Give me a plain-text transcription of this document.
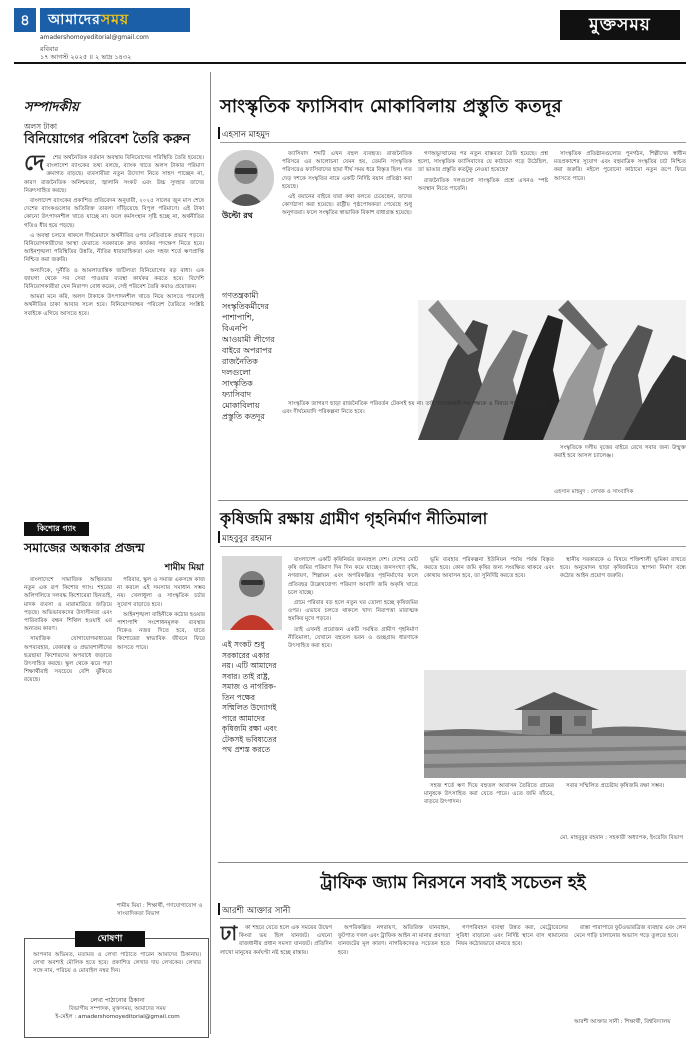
৪	আমাদেরসময়
amadershomoyeditorial@gmail.com
রবিবার
১৭ আগস্ট ২০২৫ ॥ ২ ভাদ্র ১৪৩২
মুক্তসময়
সম্পাদকীয়
অলস টাকা
বিনিয়োগের পরিবেশ তৈরি করুন
দে	শের অর্থনৈতিক বর্তমান অবস্থায় বিনিয়োগের পরিস্থিতি তৈরি হয়েছে। বাংলাদেশ ব্যাংকের তথ্য বলছে, ব্যাংক খাতে অলস টাকার পরিমাণ ক্রমাগত বাড়ছে। ব্যবসায়ীরা নতুন উদ্যোগ নিতে সাহস পাচ্ছেন না, কারণ রাজনৈতিক অনিশ্চয়তা, জ্বালানি সংকট এবং উচ্চ সুদহার তাদের নিরুৎসাহিত করছে।

বাংলাদেশ ব্যাংকের প্রকাশিত প্রতিবেদন অনুযায়ী, ২০২৫ সালের জুন মাস শেষে দেশের ব্যাংকগুলোর অতিরিক্ত তারল্য দাঁড়িয়েছে বিপুল পরিমাণে। এই টাকা কোনো উৎপাদনশীল খাতে যাচ্ছে না। ফলে কর্মসংস্থান সৃষ্টি হচ্ছে না, অর্থনীতির গতিও ধীর হয়ে পড়ছে।

এ অবস্থা চলতে থাকলে দীর্ঘমেয়াদে অর্থনীতির ওপর নেতিবাচক প্রভাব পড়বে। বিনিয়োগকারীদের আস্থা ফেরাতে সরকারকে দ্রুত কার্যকর পদক্ষেপ নিতে হবে। আইনশৃঙ্খলা পরিস্থিতির উন্নতি, নীতির ধারাবাহিকতা এবং সহজ শর্তে ঋণপ্রাপ্তি নিশ্চিত করা জরুরি।

অন্যদিকে, দুর্নীতি ও আমলাতান্ত্রিক জটিলতা বিনিয়োগের বড় বাধা। এক জায়গা থেকে সব সেবা পাওয়ার ব্যবস্থা কার্যকর করতে হবে। বিদেশি বিনিয়োগকারীরা যেন নিরাপদ বোধ করেন, সেই পরিবেশ তৈরি করাও প্রয়োজন।

আমরা মনে করি, অলস টাকাকে উৎপাদনশীল খাতে নিয়ে আসতে পারলেই অর্থনীতির চাকা আবার সচল হবে। বিনিয়োগবান্ধব পরিবেশ তৈরিতে সংশ্লিষ্ট সবাইকে এগিয়ে আসতে হবে।

কিশোর গ্যাং
সমাজের অন্ধকার প্রজন্ম
শামীম মিয়া

বাংলাদেশে সামাজিক অস্থিরতার নতুন এক রূপ কিশোর গ্যাং। শহরের অলিগলিতে দলবদ্ধ কিশোরেরা ছিনতাই, মাদক ব্যবসা ও মারামারিতে জড়িয়ে পড়ছে। অভিভাবকদের উদাসীনতা এবং পারিবারিক বন্ধন শিথিল হওয়াই এর অন্যতম কারণ।

সামাজিক যোগাযোগমাধ্যমের অপব্যবহার, বেকারত্ব ও প্রভাবশালীদের ছত্রছায়া কিশোরদের অপরাধে জড়াতে উৎসাহিত করছে। স্কুল থেকে ঝরে পড়া শিক্ষার্থীরাই সবচেয়ে বেশি ঝুঁকিতে রয়েছে।

পরিবার, স্কুল ও সমাজ একসঙ্গে কাজ না করলে এই সমস্যার সমাধান সম্ভব নয়। খেলাধুলা ও সাংস্কৃতিক চর্চার সুযোগ বাড়াতে হবে।

আইনশৃঙ্খলা বাহিনীকে কঠোর হওয়ার পাশাপাশি সংশোধনমূলক ব্যবস্থার দিকেও নজর দিতে হবে, যাতে কিশোরেরা স্বাভাবিক জীবনে ফিরে আসতে পারে।

শামীম মিয়া : শিক্ষার্থী, গণযোগাযোগ ও সাংবাদিকতা বিভাগ
ঘোষণা
আপনার অভিমত, মতামত ও লেখা পাঠাতে পারেন আমাদের ঠিকানায়। লেখা অবশ্যই মৌলিক হতে হবে। প্রকাশিত লেখার দায় লেখকের। লেখার সঙ্গে নাম, পরিচয় ও মোবাইল নম্বর দিন।
লেখা পাঠানোর ঠিকানা
বিভাগীয় সম্পাদক, মুক্তসময়, আমাদের সময়
ই-মেইল : amadershomoyeditorial@gmail.com
সাংস্কৃতিক ফ্যাসিবাদ মোকাবিলায় প্রস্তুতি কতদূর
এহসান মাহমুদ
উল্টো রথ
গণতন্ত্রকামী সংস্কৃতিকর্মীদের পাশাপাশি, বিএনপি আওয়ামী লীগের বাইরে অপরাপর রাজনৈতিক দলগুলো সাংস্কৃতিক ফ্যাসিবাদ মোকাবিলায় প্রস্তুতি কতদূর

ফ্যাসিবাদ শব্দটি এখন বহুল ব্যবহৃত। রাজনৈতিক পরিসরে এর আলোচনা যেমন হয়, তেমনি সাংস্কৃতিক পরিসরেও ফ্যাসিবাদের ছায়া দীর্ঘ সময় ধরে বিস্তৃত ছিল। গত দেড় দশকে সংস্কৃতির নামে একটি নির্দিষ্ট বয়ান প্রতিষ্ঠা করা হয়েছে।

এই বয়ানের বাইরে যারা কথা বলতে চেয়েছেন, তাদের কোণঠাসা করা হয়েছে। রাষ্ট্রীয় পৃষ্ঠপোষকতা পেয়েছে শুধু অনুগতরা। ফলে সংস্কৃতির স্বাভাবিক বিকাশ বাধাগ্রস্ত হয়েছে।

গণঅভ্যুত্থানের পর নতুন বাস্তবতা তৈরি হয়েছে। প্রশ্ন হলো, সাংস্কৃতিক ফ্যাসিবাদের যে কাঠামো গড়ে উঠেছিল, তা ভাঙার প্রস্তুতি কতটুকু নেওয়া হয়েছে?

রাজনৈতিক দলগুলো সাংস্কৃতিক প্রশ্নে এখনও স্পষ্ট অবস্থান নিতে পারেনি।

সাংস্কৃতিক প্রতিষ্ঠানগুলোর পুনর্গঠন, শিল্পীদের স্বাধীন মতপ্রকাশের সুযোগ এবং বহুমাত্রিক সংস্কৃতির চর্চা নিশ্চিত করা জরুরি। নইলে পুরোনো কাঠামো নতুন রূপে ফিরে আসতে পারে।

সাংস্কৃতিক জাগরণ ছাড়া রাজনৈতিক পরিবর্তন টেকসই হয় না। তাই গণতন্ত্রকামী সব পক্ষকে এ বিষয়ে সচেতন হতে হবে এবং দীর্ঘমেয়াদি পরিকল্পনা নিতে হবে।

সংস্কৃতিকে দলীয় বৃত্তের বাইরে রেখে সবার জন্য উন্মুক্ত করাই হবে আসল চ্যালেঞ্জ।

এহসান মাহমুদ : লেখক ও সাংবাদিক
কৃষিজমি রক্ষায় গ্রামীণ গৃহনির্মাণ নীতিমালা
মাহবুবুর রহমান
এই সংকট শুধু সরকারের একার নয়। এটি আমাদের সবার। তাই রাষ্ট্র, সমাজ ও নাগরিক- তিন পক্ষের সম্মিলিত উদ্যোগই পারে আমাদের কৃষিজমি রক্ষা এবং টেকসই ভবিষ্যতের পথ প্রশস্ত করতে

বাংলাদেশ একটি কৃষিনির্ভর জনবহুল দেশ। দেশের মোট কৃষি জমির পরিমাণ দিন দিন কমে যাচ্ছে। জনসংখ্যা বৃদ্ধি, নগরায়ণ, শিল্পায়ন এবং অপরিকল্পিত গৃহনির্মাণের ফলে প্রতিবছর উল্লেখযোগ্য পরিমাণ আবাদি জমি অকৃষি খাতে চলে যাচ্ছে।

গ্রামে পরিবার বড় হলে নতুন ঘর তোলা হচ্ছে কৃষিজমির ওপর। এভাবে চলতে থাকলে খাদ্য নিরাপত্তা মারাত্মক হুমকির মুখে পড়বে।

তাই এখনই প্রয়োজন একটি সমন্বিত গ্রামীণ গৃহনির্মাণ নীতিমালা, যেখানে বহুতল ভবন ও গুচ্ছগ্রাম ধারণাকে উৎসাহিত করা হবে।

ভূমি ব্যবহার পরিকল্পনা ইউনিয়ন পর্যায় পর্যন্ত বিস্তৃত করতে হবে। কোন জমি কৃষির জন্য সংরক্ষিত থাকবে এবং কোথায় আবাসন হবে, তা সুনির্দিষ্ট করতে হবে।

স্থানীয় সরকারকে এ বিষয়ে শক্তিশালী ভূমিকা রাখতে হবে। অনুমোদন ছাড়া কৃষিজমিতে স্থাপনা নির্মাণ বন্ধে কঠোর আইন প্রয়োগ জরুরি।

সহজ শর্তে ঋণ দিয়ে বহুতল আবাসন তৈরিতে গ্রামের মানুষকে উৎসাহিত করা যেতে পারে। এতে জমি বাঁচবে, বাড়বে উৎপাদন।

সবার সম্মিলিত প্রচেষ্টায় কৃষিজমি রক্ষা সম্ভব।

মো. মাহবুবুর রহমান : সহকারী অধ্যাপক, ইংরেজি বিভাগ
ট্রাফিক জ্যাম নিরসনে সবাই সচেতন হই
আরশী আক্তার সানী
ঢা	কা শহরে যেতে হলে এক সময়ের উদ্বেগ কিংবা ভয় ছিল যানজট। এখনো রাজধানীর প্রধান সমস্যা যানজট। প্রতিদিন লাখো মানুষের কর্মঘণ্টা নষ্ট হচ্ছে রাস্তায়।

অপরিকল্পিত নগরায়ণ, অতিরিক্ত যানবাহন, ফুটপাত দখল এবং ট্রাফিক আইন না মানার প্রবণতা যানজটের মূল কারণ। নাগরিকদেরও সচেতন হতে হবে।

গণপরিবহন ব্যবস্থা উন্নত করা, মেট্রোরেলের সুবিধা বাড়ানো এবং নির্দিষ্ট স্থানে বাস থামানোর নিয়ম কঠোরভাবে মানতে হবে।

রাস্তা পারাপারে ফুটওভারব্রিজ ব্যবহার এবং লেন মেনে গাড়ি চালানোর অভ্যাস গড়ে তুলতে হবে।

আরশী আক্তার সানী : শিক্ষার্থী, বিশ্ববিদ্যালয়
